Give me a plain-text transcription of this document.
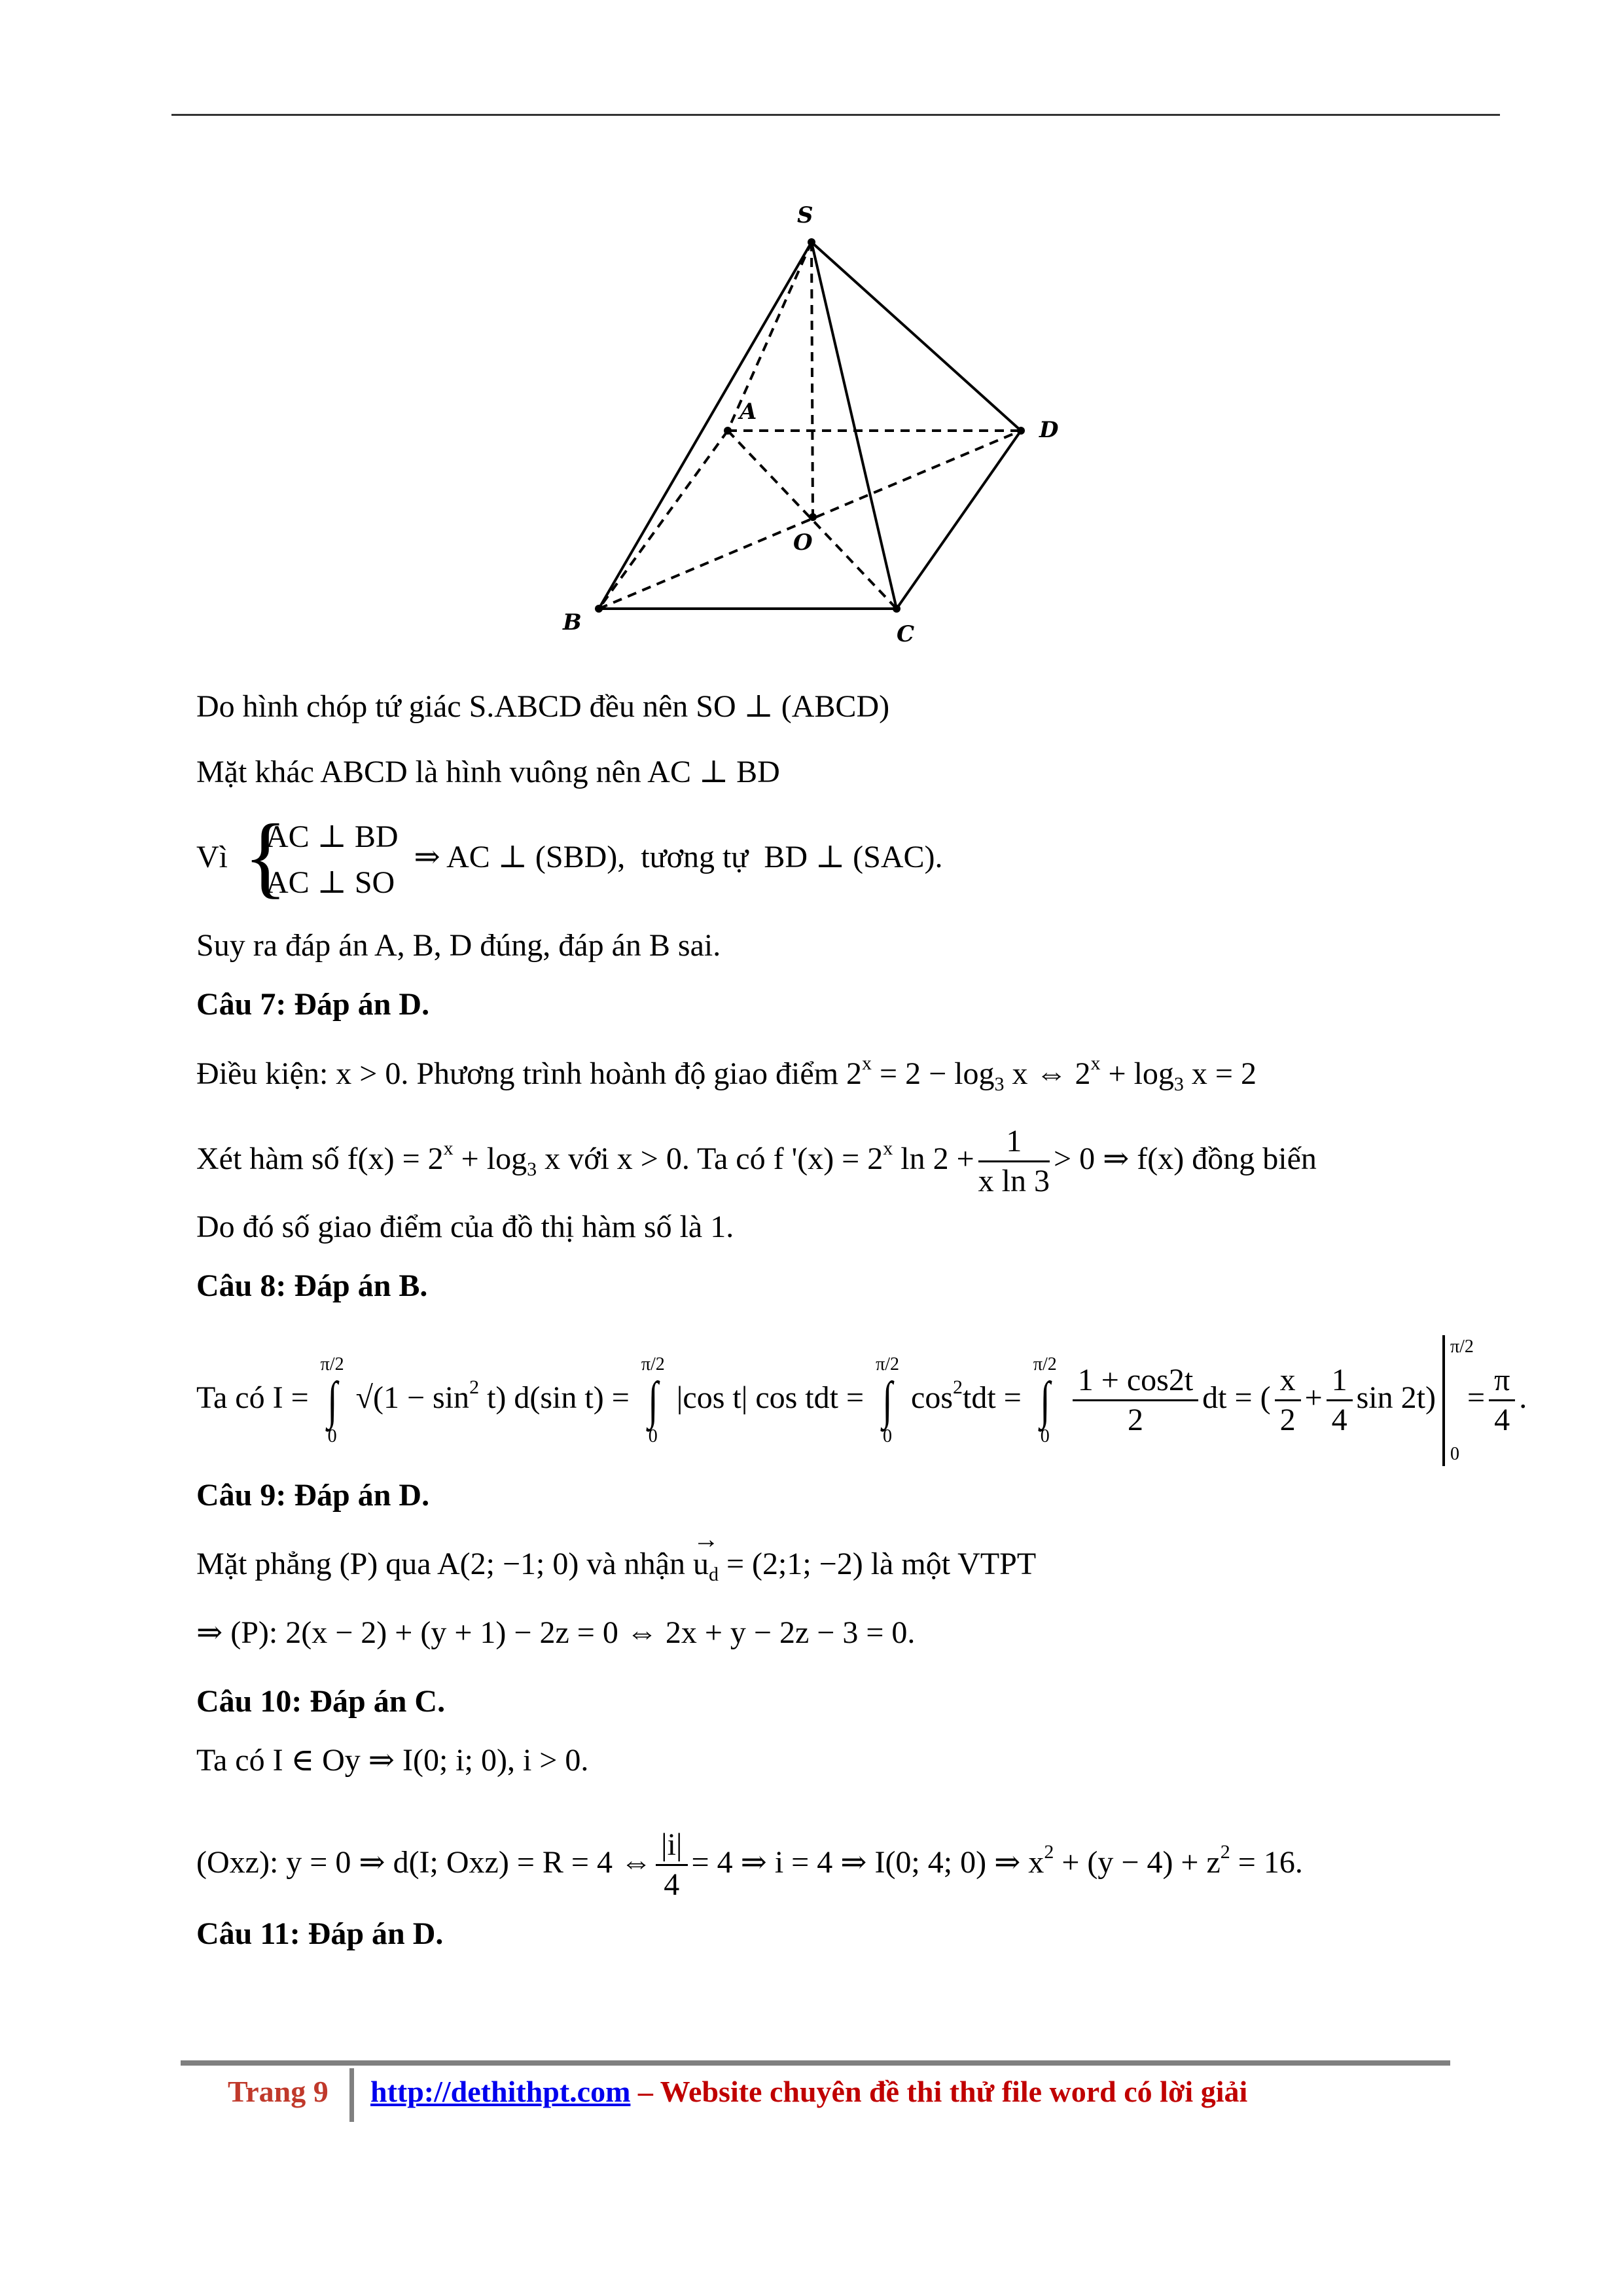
S
A
D
O
B	C
Do hình chóp tứ giác S.ABCD đều nên SO ⊥ (ABCD)
Mặt khác ABCD là hình vuông nên AC ⊥ BD
Vì {
AC ⊥ BD
AC ⊥ SO
⇒ AC ⊥ (SBD), tương tự BD ⊥ (SAC).
Suy ra đáp án A, B, D đúng, đáp án B sai.
Câu 7: Đáp án D.
Điều kiện: x > 0. Phương trình hoành độ giao điểm $2^x = 2 - \log_3 x$ ⇔ $2^x + \log_3 x = 2$
Xét hàm số $f(x) = 2^x + \log_3 x$ với x > 0. Ta có f '$(x) = 2^x$ $\ln 2 + \frac{1}{\text{x ln 3}} > 0$ ⇒ f(x) đồng biến
Do đó số giao điểm của đồ thị hàm số là 1.
Câu 8: Đáp án B.
Ta có I =
π/2
∫
0
$√(1 - \sin^2 t)$ d(sin t) =
π/2
∫
0
|cos t| cos tdt =
π/2
∫
0
$\cos^2tdt$ =
π/2
∫
0
$\frac{1 + \cos 2t}{2}$ dt = ( $\frac{x}{2} + \frac{1}{4}$ sin 2t)
π/2
0
= $\frac{\pi}{4}$ .
Câu 9: Đáp án D.
Mặt phẳng (P) qua A(2; −1; 0) và nhận
→
$u_d$ = (2;1; −2) là một VTPT
⇒ (P): 2(x − 2) + (y + 1) − 2z = 0 ⇔ 2x + y − 2z − 3 = 0.
Câu 10: Đáp án C.
Ta có I ∈ Oy ⇒ I(0; i; 0), i > 0.
(Oxz): y = 0 ⇒ d(I; Oxz) = R = 4 ⇔ $\frac{|i|}{4} = 4$ ⇒ i = 4 ⇒ I(0; 4; 0) ⇒ $x^2 + (y - 4) + z^2 = 16$.
Câu 11: Đáp án D.
Trang 9 http://dethithpt.com – Website chuyên đề thi thử file word có lời giải
